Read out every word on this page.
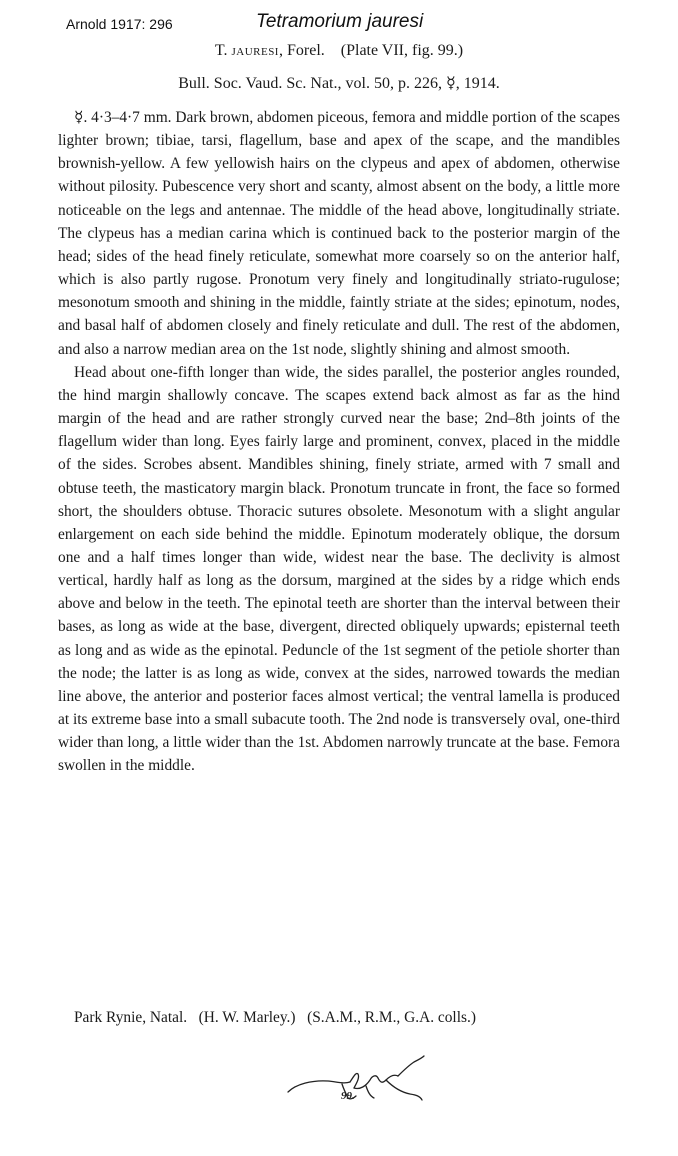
Arnold 1917: 296	Tetramorium jauresi
T. jauresi, Forel. (Plate VII, fig. 99.)
Bull. Soc. Vaud. Sc. Nat., vol. 50, p. 226, ☿, 1914.

☿. 4·3–4·7 mm. Dark brown, abdomen piceous, femora and middle portion of the scapes lighter brown; tibiae, tarsi, flagellum, base and apex of the scape, and the mandibles brownish-yellow. A few yellowish hairs on the clypeus and apex of abdomen, otherwise without pilosity. Pubescence very short and scanty, almost absent on the body, a little more noticeable on the legs and antennae. The middle of the head above, longitudinally striate. The clypeus has a median carina which is continued back to the posterior margin of the head; sides of the head finely reticulate, somewhat more coarsely so on the anterior half, which is also partly rugose. Pronotum very finely and longitudinally striato-rugulose; mesonotum smooth and shining in the middle, faintly striate at the sides; epinotum, nodes, and basal half of abdomen closely and finely reticulate and dull. The rest of the abdomen, and also a narrow median area on the 1st node, slightly shining and almost smooth.

Head about one-fifth longer than wide, the sides parallel, the posterior angles rounded, the hind margin shallowly concave. The scapes extend back almost as far as the hind margin of the head and are rather strongly curved near the base; 2nd–8th joints of the flagellum wider than long. Eyes fairly large and prominent, convex, placed in the middle of the sides. Scrobes absent. Mandibles shining, finely striate, armed with 7 small and obtuse teeth, the masticatory margin black. Pronotum truncate in front, the face so formed short, the shoulders obtuse. Thoracic sutures obsolete. Mesonotum with a slight angular enlargement on each side behind the middle. Epinotum moderately oblique, the dorsum one and a half times longer than wide, widest near the base. The declivity is almost vertical, hardly half as long as the dorsum, margined at the sides by a ridge which ends above and below in the teeth. The epinotal teeth are shorter than the interval between their bases, as long as wide at the base, divergent, directed obliquely upwards; episternal teeth as long and as wide as the epinotal. Peduncle of the 1st segment of the petiole shorter than the node; the latter is as long as wide, convex at the sides, narrowed towards the median line above, the anterior and posterior faces almost vertical; the ventral lamella is produced at its extreme base into a small subacute tooth. The 2nd node is transversely oval, one-third wider than long, a little wider than the 1st. Abdomen narrowly truncate at the base. Femora swollen in the middle.

Park Rynie, Natal. (H. W. Marley.) (S.A.M., R.M., G.A. colls.)
99.
